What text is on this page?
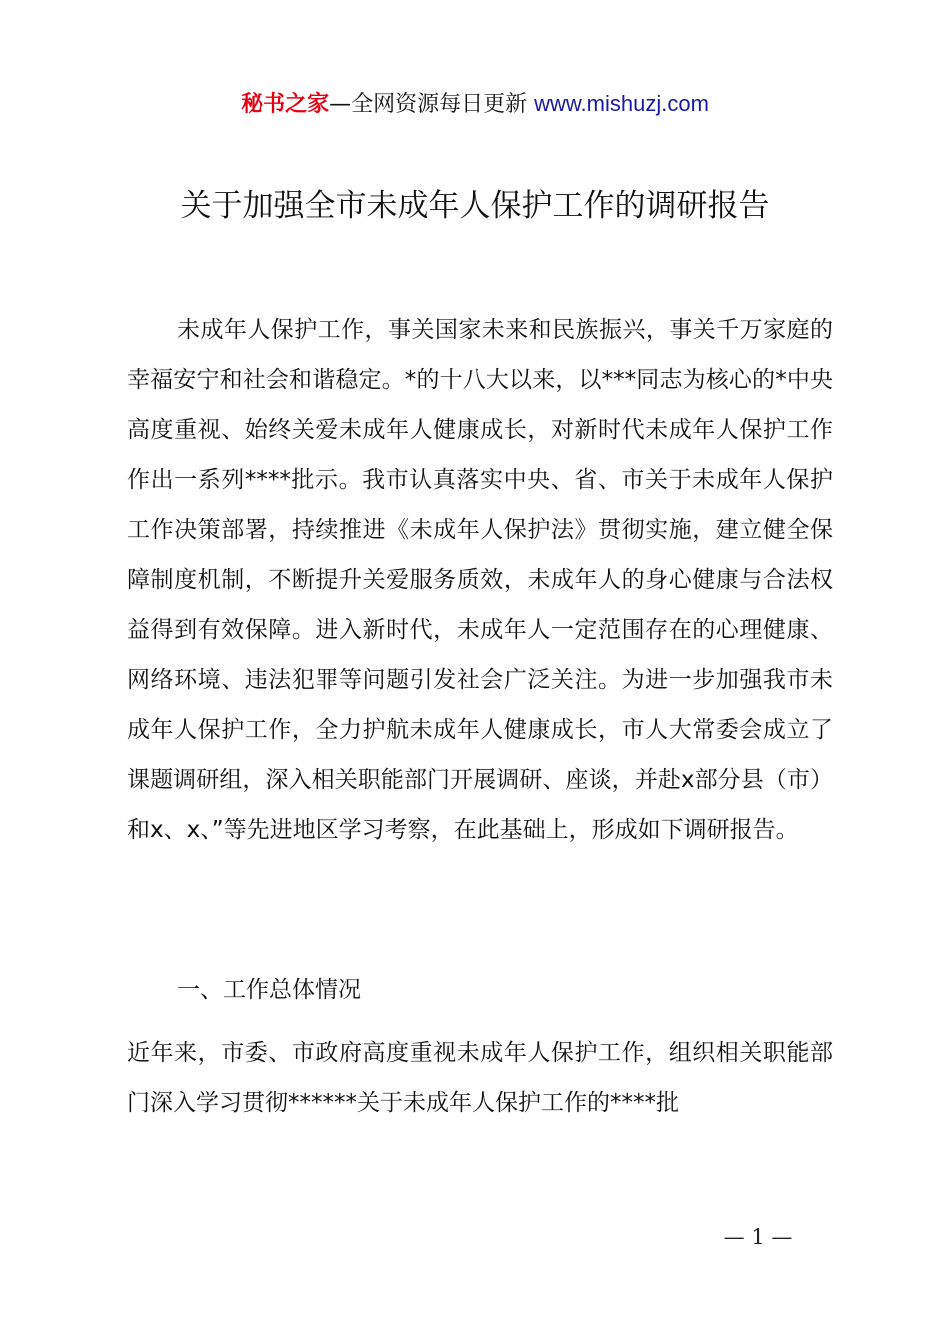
秘书之家—全网资源每日更新 www.mishuzj.com
关于加强全市未成年人保护工作的调研报告

未成年人保护工作，事关国家未来和民族振兴，事关千万家庭的幸福安宁和社会和谐稳定。*的十八大以来，以***同志为核心的*中央高度重视、始终关爱未成年人健康成长，对新时代未成年人保护工作作出一系列****批示。我市认真落实中央、省、市关于未成年人保护工作决策部署，持续推进《未成年人保护法》贯彻实施，建立健全保障制度机制，不断提升关爱服务质效，未成年人的身心健康与合法权益得到有效保障。进入新时代，未成年人一定范围存在的心理健康、网络环境、违法犯罪等问题引发社会广泛关注。为进一步加强我市未成年人保护工作，全力护航未成年人健康成长，市人大常委会成立了课题调研组，深入相关职能部门开展调研、座谈，并赴x部分县（市）和x、x、”等先进地区学习考察，在此基础上，形成如下调研报告。

一、工作总体情况

近年来，市委、市政府高度重视未成年人保护工作，组织相关职能部门深入学习贯彻******关于未成年人保护工作的****批

— 1 —
